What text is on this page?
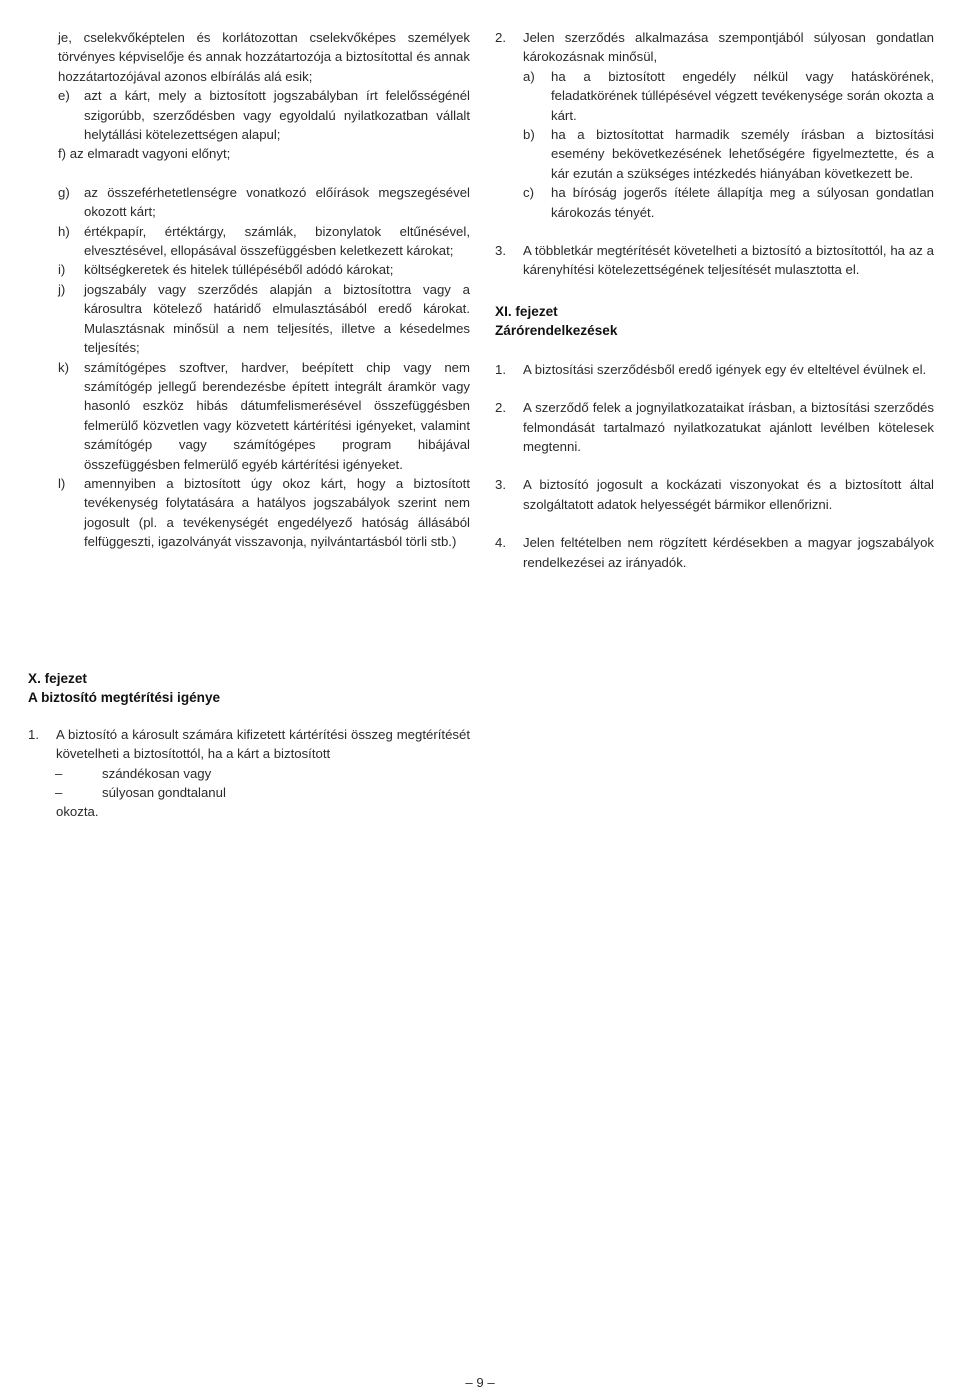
je, cselekvőképtelen és korlátozottan cselekvőképes személyek törvényes képviselője és annak hozzátartozója a biztosítottal és annak hozzátartozójával azonos elbírálás alá esik;

e)	azt a kárt, mely a biztosított jogszabályban írt felelősségénél szigorúbb, szerződésben vagy egyoldalú nyilatkozatban vállalt helytállási kötelezettségen alapul;
f) az elmaradt vagyoni előnyt;
g)	az összeférhetetlenségre vonatkozó előírások megszegésével okozott kárt;
h)	értékpapír, értéktárgy, számlák, bizonylatok eltűnésével, elvesztésével, ellopásával összefüggésben keletkezett károkat;
i)	költségkeretek és hitelek túllépéséből adódó károkat;
j)	jogszabály vagy szerződés alapján a biztosítottra vagy a károsultra kötelező határidő elmulasztásából eredő károkat. Mulasztásnak minősül a nem teljesítés, illetve a késedelmes teljesítés;
k)	számítógépes szoftver, hardver, beépített chip vagy nem számítógép jellegű berendezésbe épített integrált áramkör vagy hasonló eszköz hibás dátumfelismerésével összefüggésben felmerülő közvetlen vagy közvetett kártérítési igényeket, valamint számítógép vagy számítógépes program hibájával összefüggésben felmerülő egyéb kártérítési igényeket.
l)	amennyiben a biztosított úgy okoz kárt, hogy a biztosított tevékenység folytatására a hatályos jogszabályok szerint nem jogosult (pl. a tevékenységét engedélyező hatóság állásából felfüggeszti, igazolványát visszavonja, nyilvántartásból törli stb.)
X. fejezet
A biztosító megtérítési igénye
1.	A biztosító a károsult számára kifizetett kártérítési összeg megtérítését követelheti a biztosítottól, ha a kárt a biztosított
–	szándékosan vagy
–	súlyosan gondtalanul
okozta.
2.	Jelen szerződés alkalmazása szempontjából súlyosan gondatlan károkozásnak minősül,
a)	ha a biztosított engedély nélkül vagy hatáskörének, feladatkörének túllépésével végzett tevékenysége során okozta a kárt.
b)	ha a biztosítottat harmadik személy írásban a biztosítási esemény bekövetkezésének lehetőségére figyelmeztette, és a kár ezután a szükséges intézkedés hiányában következett be.
c)	ha bíróság jogerős ítélete állapítja meg a súlyosan gondatlan károkozás tényét.
3.	A többletkár megtérítését követelheti a biztosító a biztosítottól, ha az a kárenyhítési kötelezettségének teljesítését mulasztotta el.
XI. fejezet
Zárórendelkezések
1.	A biztosítási szerződésből eredő igények egy év elteltével évülnek el.
2.	A szerződő felek a jognyilatkozataikat írásban, a biztosítási szerződés felmondását tartalmazó nyilatkozatukat ajánlott levélben kötelesek megtenni.
3.	A biztosító jogosult a kockázati viszonyokat és a biztosított által szolgáltatott adatok helyességét bármikor ellenőrizni.
4.	Jelen feltételben nem rögzített kérdésekben a magyar jogszabályok rendelkezései az irányadók.
– 9 –
